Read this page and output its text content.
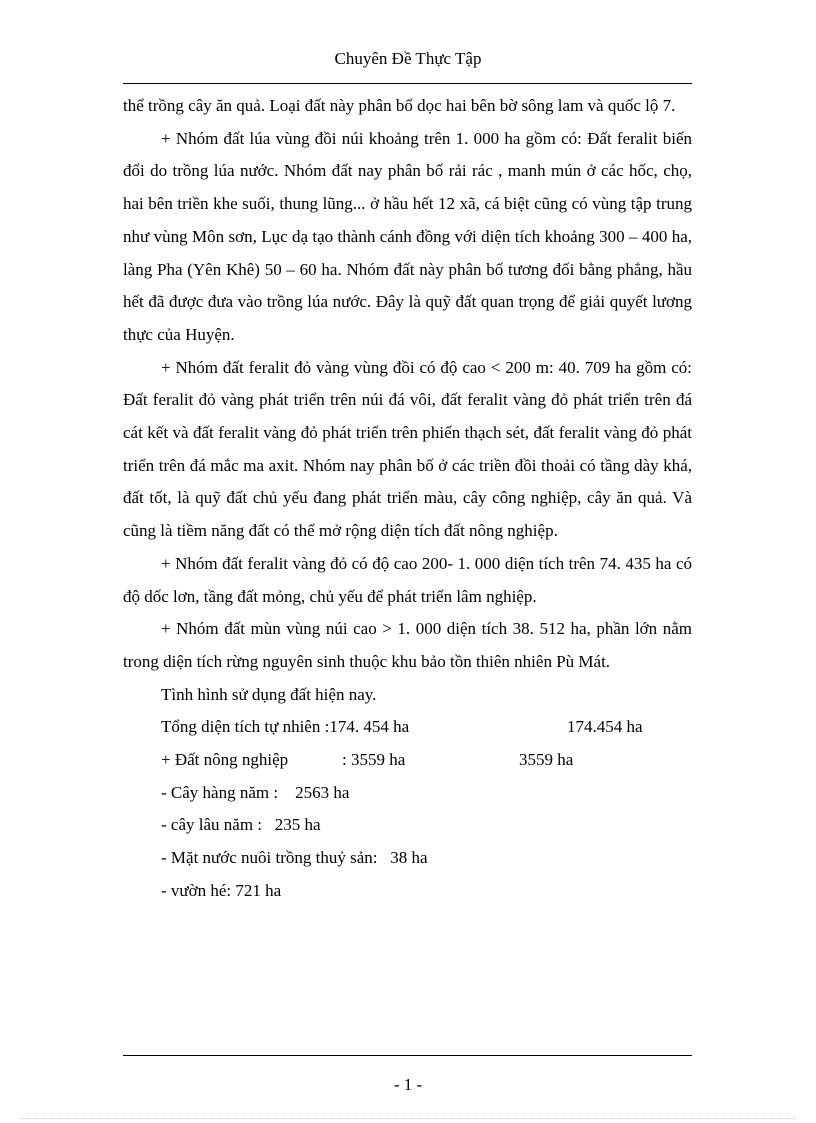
Chuyên Đề Thực Tập

thể trồng cây ăn quả. Loại đất này phân bổ dọc hai bên bờ sông lam và quốc lộ 7.

+ Nhóm đất lúa vùng đồi núi khoảng trên 1. 000 ha gồm có: Đất feralit biến đổi do trồng lúa nước. Nhóm đất nay phân bố rải rác , manh mún ở các hốc, chọ, hai bên triền khe suối, thung lũng... ở hầu hết 12 xã, cá biệt cũng có vùng tập trung như vùng Môn sơn, Lục dạ tạo thành cánh đồng với diện tích khoảng 300 – 400 ha, làng Pha (Yên Khê) 50 – 60 ha. Nhóm đất này phân bố tương đối bằng phẳng, hầu hết đã được đưa vào trồng lúa nước. Đây là quỹ đất quan trọng để giải quyết lương thực của Huyện.

+ Nhóm đất feralit đỏ vàng vùng đồi có độ cao < 200 m: 40. 709 ha gồm có: Đất feralit đỏ vàng phát triển trên núi đá vôi, đất feralit vàng đỏ phát triển trên đá cát kết và đất feralit vàng đỏ phát triển trên phiến thạch sét, đất feralit vàng đỏ phát triển trên đá mắc ma axit. Nhóm nay phân bố ở các triền đồi thoải có tầng dày khá, đất tốt, là quỹ đất chủ yếu đang phát triển màu, cây công nghiệp, cây ăn quả. Và cũng là tiềm năng đất có thể mở rộng diện tích đất nông nghiệp.

+ Nhóm đất feralit vàng đỏ có độ cao 200- 1. 000 diện tích trên 74. 435 ha có độ dốc lơn, tầng đất mỏng, chủ yếu để phát triển lâm nghiệp.

+ Nhóm đất mùn vùng núi cao > 1. 000 diện tích 38. 512 ha, phần lớn nằm trong diện tích rừng nguyên sinh thuộc khu bảo tồn thiên nhiên Pù Mát.

Tình hình sử dụng đất hiện nay.
Tổng diện tích tự nhiên :174. 454 ha	174.454 ha
+ Đất nông nghiệp	: 3559 ha	3559 ha
- Cây hàng năm :    2563 ha
- cây lâu năm :   235 ha
- Mặt nước nuôi trồng thuỷ sản:   38 ha
- vườn hé: 721 ha
- 1 -
